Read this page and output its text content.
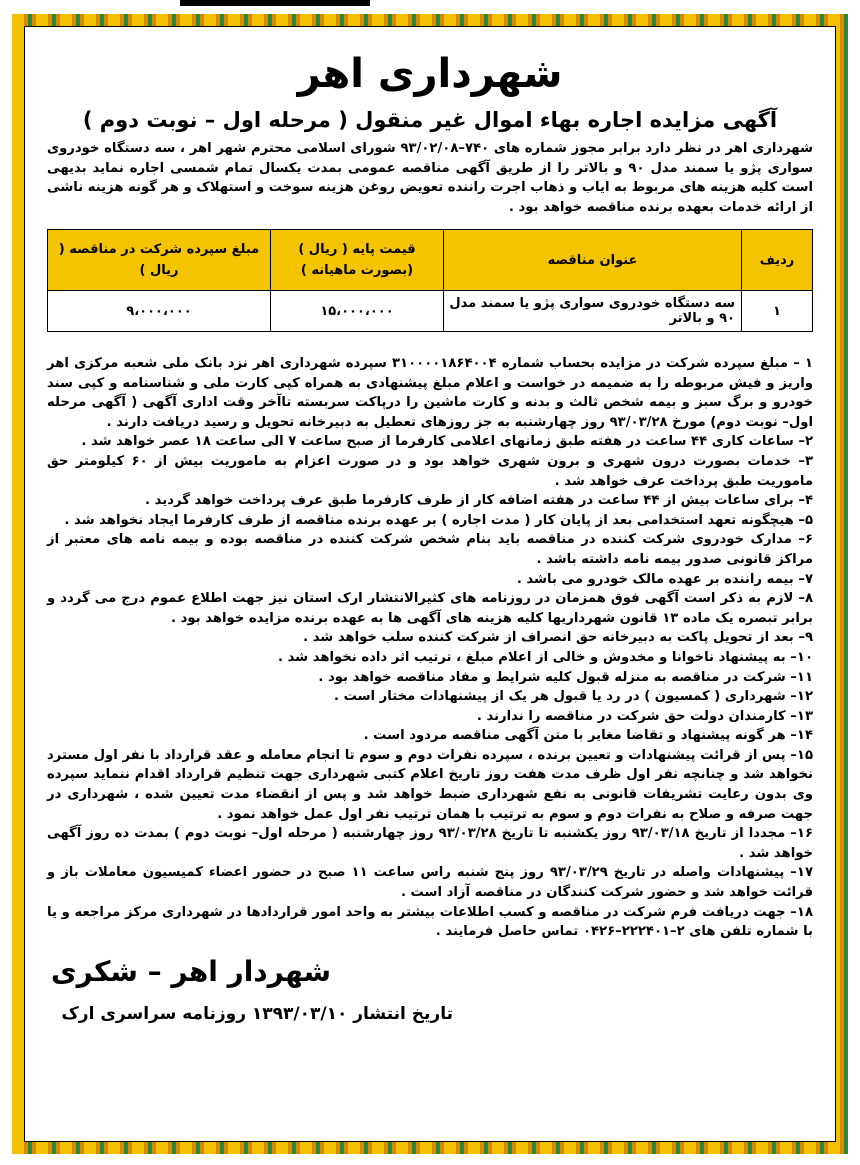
شهرداری اهر
آگهی مزایده اجاره بهاء اموال غیر منقول ( مرحله اول – نوبت دوم )

شهرداری اهر در نظر دارد برابر مجوز شماره های ۷۴۰–۹۳/۰۲/۰۸ شورای اسلامی محترم شهر اهر ، سه دستگاه خودروی سواری پژو یا سمند مدل ۹۰ و بالاتر را از طریق آگهی مناقصه عمومی بمدت یکسال تمام شمسی اجاره نماید بدیهی است کلیه هزینه های مربوط به ایاب و ذهاب اجرت راننده تعویض روغن هزینه سوخت و استهلاک و هر گونه هزینه ناشی از ارائه خدمات بعهده برنده مناقصه خواهد بود .

ردیف	عنوان مناقصه	قیمت پایه ( ریال ) (بصورت ماهیانه )	مبلغ سپرده شرکت در مناقصه ( ریال )
۱	سه دستگاه خودروی سواری پژو یا سمند مدل ۹۰ و بالاتر	۱۵،۰۰۰،۰۰۰	۹،۰۰۰،۰۰۰

۱ – مبلغ سپرده شرکت در مزایده بحساب شماره ۳۱۰۰۰۰۱۸۶۴۰۰۴ سپرده شهرداری اهر نزد بانک ملی شعبه مرکزی اهر واریز و فیش مربوطه را به ضمیمه در خواست و اعلام مبلغ پیشنهادی به همراه کپی کارت ملی و شناسنامه و کپی سند خودرو و برگ سبز و بیمه شخص ثالث و بدنه و کارت ماشین را درپاکت سربسته تاآخر وقت اداری آگهی ( آگهی مرحله اول– نوبت دوم) مورخ ۹۳/۰۳/۲۸ روز چهارشنبه به جز روزهای تعطیل به دبیرخانه تحویل و رسید دریافت دارند .

۲– ساعات کاری ۴۴ ساعت در هفته طبق زمانهای اعلامی کارفرما از صبح ساعت ۷ الی ساعت ۱۸ عصر خواهد شد .

۳– خدمات بصورت درون شهری و برون شهری خواهد بود و در صورت اعزام به ماموریت بیش از ۶۰ کیلومتر حق ماموریت طبق پرداخت عرف خواهد شد .

۴– برای ساعات بیش از ۴۴ ساعت در هفته اضافه کار از طرف کارفرما طبق عرف پرداخت خواهد گردید .

۵– هیچگونه تعهد استخدامی بعد از پایان کار ( مدت اجاره ) بر عهده برنده مناقصه از طرف کارفرما ایجاد نخواهد شد .

۶– مدارک خودروی شرکت کننده در مناقصه باید بنام شخص شرکت کننده در مناقصه بوده و بیمه نامه های معتبر از مراکز قانونی صدور بیمه نامه داشته باشد .

۷– بیمه راننده بر عهده مالک خودرو می باشد .

۸– لازم به ذکر است آگهی فوق همزمان در روزنامه های کثیرالانتشار ارک استان نیز جهت اطلاع عموم درج می گردد و برابر تبصره یک ماده ۱۳ قانون شهرداریها کلیه هزینه های آگهی ها به عهده برنده مزایده خواهد بود .

۹– بعد از تحویل پاکت به دبیرخانه حق انصراف از شرکت کننده سلب خواهد شد .

۱۰– به پیشنهاد ناخوانا و مخدوش و خالی از اعلام مبلغ ، ترتیب اثر داده نخواهد شد .

۱۱– شرکت در مناقصه به منزله قبول کلیه شرایط و مفاد مناقصه خواهد بود .

۱۲– شهرداری ( کمسیون ) در رد یا قبول هر یک از پیشنهادات مختار است .

۱۳– کارمندان دولت حق شرکت در مناقصه را ندارند .

۱۴– هر گونه پیشنهاد و تقاضا مغایر با متن آگهی مناقصه مردود است .

۱۵– پس از قرائت پیشنهادات و تعیین برنده ، سپرده نفرات دوم و سوم تا انجام معامله و عقد قرارداد با نفر اول مسترد نخواهد شد و چنانچه نفر اول ظرف مدت هفت روز تاریخ اعلام کتبی شهرداری جهت تنظیم قرارداد اقدام ننماید سپرده وی بدون رعایت تشریفات قانونی به نفع شهرداری ضبط خواهد شد و پس از انقضاء مدت تعیین شده ، شهرداری در جهت صرفه و صلاح به نفرات دوم و سوم به ترتیب با همان ترتیب نفر اول عمل خواهد نمود .

۱۶– مجددا از تاریخ ۹۳/۰۳/۱۸ روز یکشنبه تا تاریخ ۹۳/۰۳/۲۸ روز چهارشنبه ( مرحله اول– نوبت دوم ) بمدت ده روز آگهی خواهد شد .

۱۷– پیشنهادات واصله در تاریخ ۹۳/۰۳/۲۹ روز پنج شنبه راس ساعت ۱۱ صبح در حضور اعضاء کمیسیون معاملات باز و قرائت خواهد شد و حضور شرکت کنندگان در مناقصه آزاد است .

۱۸– جهت دریافت فرم شرکت در مناقصه و کسب اطلاعات بیشتر به واحد امور قراردادها در شهرداری مرکز مراجعه و یا با شماره تلفن های ۲–۲۲۲۴۰۱–۰۴۲۶ تماس حاصل فرمایند .

شهردار اهر – شکری
تاریخ انتشار ۱۳۹۳/۰۳/۱۰ روزنامه سراسری ارک
